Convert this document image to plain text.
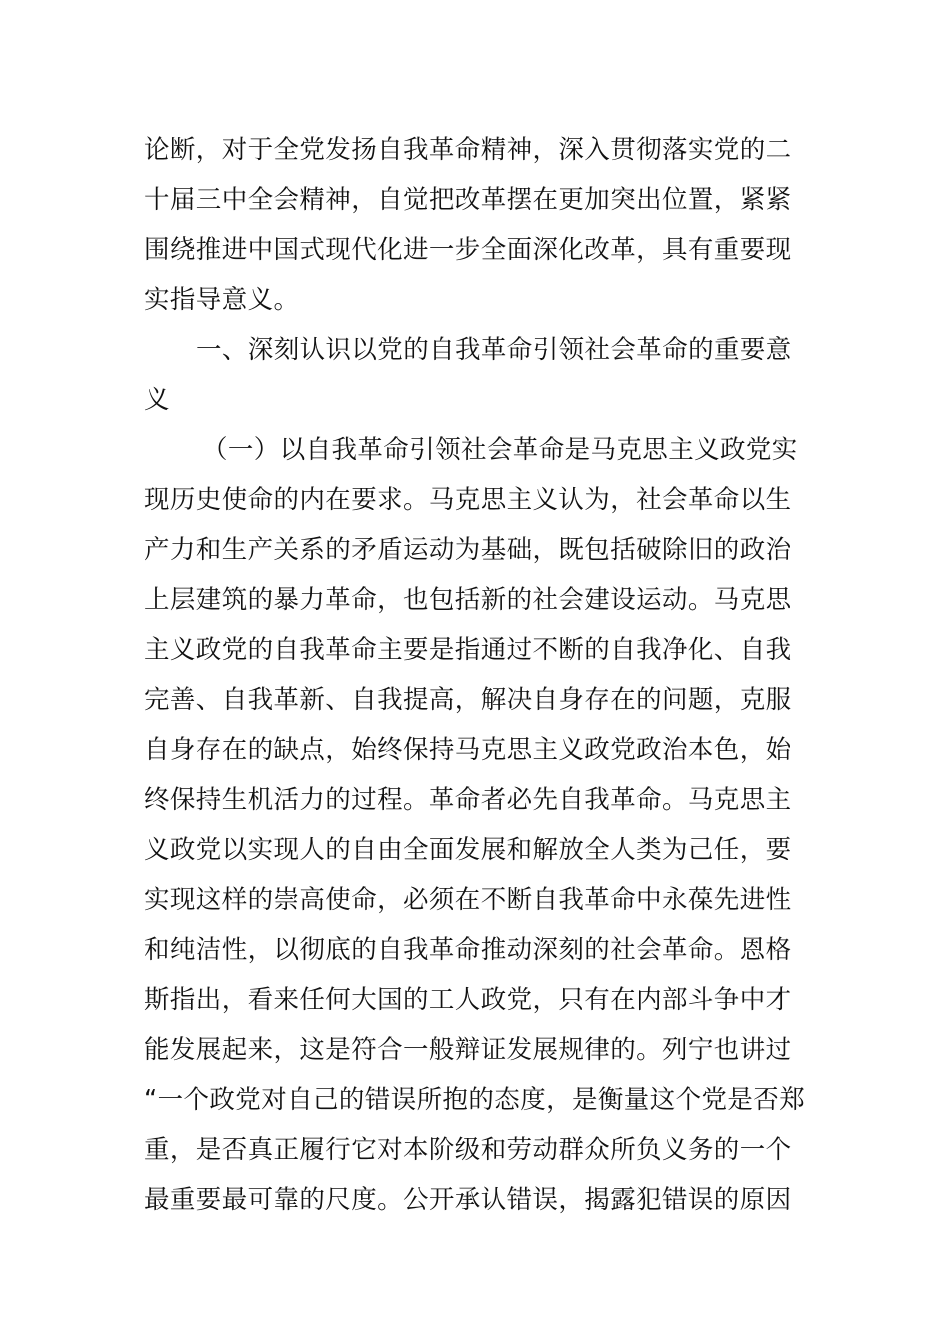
论断，对于全党发扬自我革命精神，深入贯彻落实党的二
十届三中全会精神，自觉把改革摆在更加突出位置，紧紧
围绕推进中国式现代化进一步全面深化改革，具有重要现
实指导意义。
一、深刻认识以党的自我革命引领社会革命的重要意
义
（一）以自我革命引领社会革命是马克思主义政党实
现历史使命的内在要求。马克思主义认为，社会革命以生
产力和生产关系的矛盾运动为基础，既包括破除旧的政治
上层建筑的暴力革命，也包括新的社会建设运动。马克思
主义政党的自我革命主要是指通过不断的自我净化、自我
完善、自我革新、自我提高，解决自身存在的问题，克服
自身存在的缺点，始终保持马克思主义政党政治本色，始
终保持生机活力的过程。革命者必先自我革命。马克思主
义政党以实现人的自由全面发展和解放全人类为己任，要
实现这样的崇高使命，必须在不断自我革命中永葆先进性
和纯洁性，以彻底的自我革命推动深刻的社会革命。恩格
斯指出，看来任何大国的工人政党，只有在内部斗争中才
能发展起来，这是符合一般辩证发展规律的。列宁也讲过
“一个政党对自己的错误所抱的态度，是衡量这个党是否郑
重，是否真正履行它对本阶级和劳动群众所负义务的一个
最重要最可靠的尺度。公开承认错误，揭露犯错误的原因
